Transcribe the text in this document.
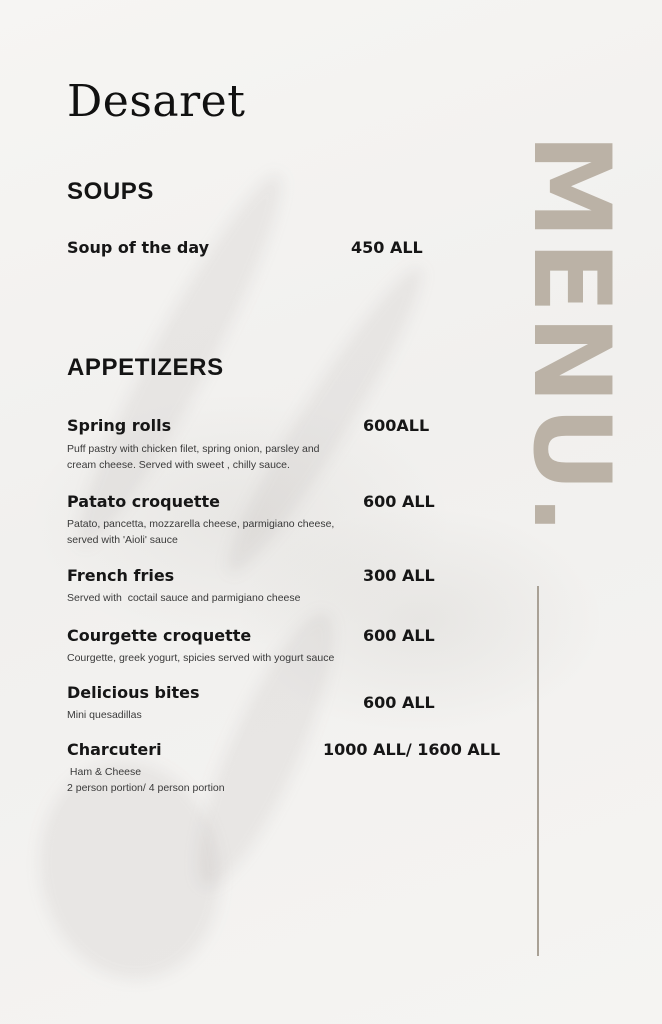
Desaret
SOUPS
Soup of the day	450 ALL
APPETIZERS
Spring rolls	600ALL
Puff pastry with chicken filet, spring onion, parsley and
cream cheese. Served with sweet , chilly sauce.
Patato croquette	600 ALL
Patato, pancetta, mozzarella cheese, parmigiano cheese,
served with 'Aioli' sauce
French fries	300 ALL
Served with  coctail sauce and parmigiano cheese
Courgette croquette	600 ALL
Courgette, greek yogurt, spicies served with yogurt sauce
Delicious bites
600 ALL
Mini quesadillas
Charcuteri	1000 ALL/ 1600 ALL
Ham & Cheese
2 person portion/ 4 person portion
MENU.
